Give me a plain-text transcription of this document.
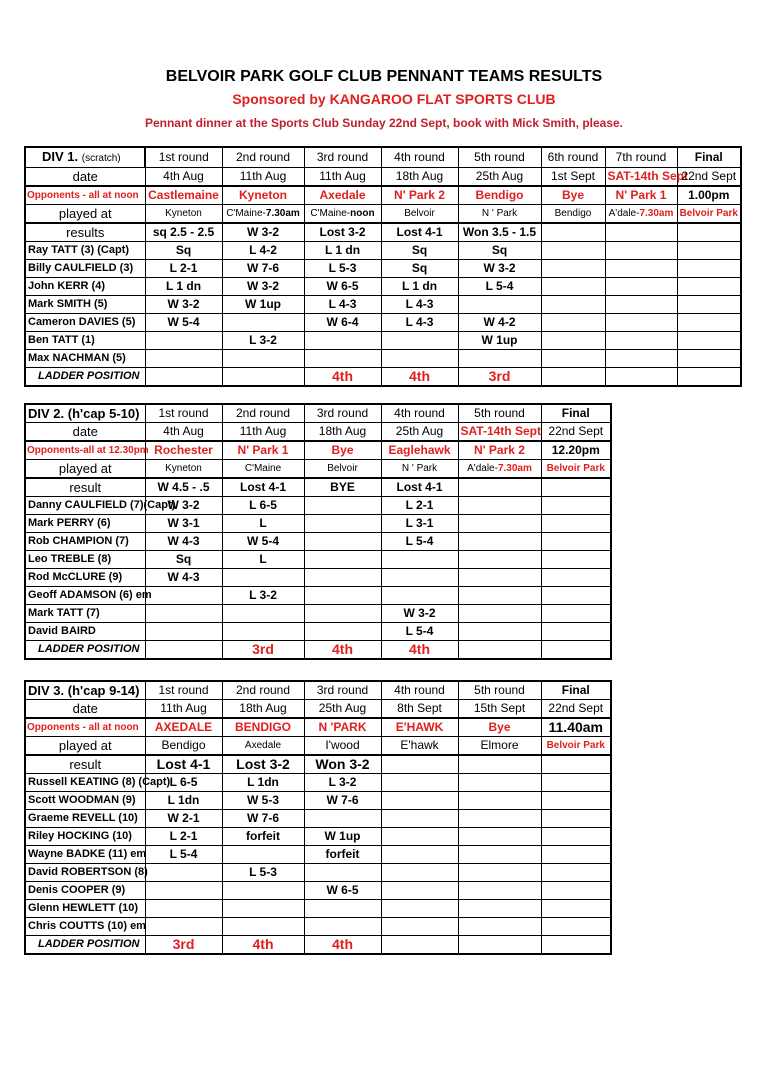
BELVOIR PARK GOLF CLUB PENNANT TEAMS RESULTS
Sponsored by KANGAROO FLAT SPORTS CLUB
Pennant dinner at the Sports Club Sunday 22nd Sept, book with Mick Smith, please.
DIV 1. (scratch)	1st round	2nd round	3rd round	4th round	5th round	6th round	7th round	Final
date	4th Aug	11th Aug	11th Aug	18th Aug	25th Aug	1st Sept	SAT-14th Sept	22nd Sept
Opponents - all at noon	Castlemaine	Kyneton	Axedale	N' Park 2	Bendigo	Bye	N' Park 1	1.00pm
played at	Kyneton	C'Maine-7.30am	C'Maine-noon	Belvoir	N ' Park	Bendigo	A'dale-7.30am	Belvoir Park
results	sq 2.5 - 2.5	W 3-2	Lost 3-2	Lost 4-1	Won 3.5 - 1.5			
Ray TATT (3) (Capt)	Sq	L 4-2	L 1 dn	Sq	Sq			
Billy CAULFIELD (3)	L 2-1	W 7-6	L 5-3	Sq	W 3-2			
John KERR (4)	L 1 dn	W 3-2	W 6-5	L 1 dn	L 5-4			
Mark SMITH (5)	W 3-2	W 1up	L 4-3	L 4-3				
Cameron DAVIES (5)	W 5-4		W 6-4	L 4-3	W 4-2			
Ben TATT (1)		L 3-2			W 1up			
Max NACHMAN (5)								
LADDER POSITION			4th	4th	3rd			
DIV 2. (h'cap 5-10)	1st round	2nd round	3rd round	4th round	5th round	Final
date	4th Aug	11th Aug	18th Aug	25th Aug	SAT-14th Sept	22nd Sept
Opponents-all at 12.30pm	Rochester	N' Park 1	Bye	Eaglehawk	N' Park 2	12.20pm
played at	Kyneton	C'Maine	Belvoir	N ' Park	A'dale-7.30am	Belvoir Park
result	W 4.5 - .5	Lost 4-1	BYE	Lost 4-1		
Danny CAULFIELD (7)(Capt)	W 3-2	L 6-5		L 2-1		
Mark PERRY (6)	W 3-1	L		L 3-1		
Rob CHAMPION (7)	W 4-3	W 5-4		L 5-4		
Leo TREBLE (8)	Sq	L				
Rod McCLURE (9)	W 4-3					
Geoff ADAMSON (6) em		L 3-2				
Mark TATT (7)				W 3-2		
David BAIRD				L 5-4		
LADDER POSITION		3rd	4th	4th		
DIV 3. (h'cap 9-14)	1st round	2nd round	3rd round	4th round	5th round	Final
date	11th Aug	18th Aug	25th Aug	8th Sept	15th Sept	22nd Sept
Opponents - all at noon	AXEDALE	BENDIGO	N 'PARK	E'HAWK	Bye	11.40am
played at	Bendigo	Axedale	I'wood	E'hawk	Elmore	Belvoir Park
result	Lost 4-1	Lost 3-2	Won 3-2			
Russell KEATING (8) (Capt)	L 6-5	L 1dn	L 3-2			
Scott WOODMAN (9)	L 1dn	W 5-3	W 7-6			
Graeme REVELL (10)	W 2-1	W 7-6				
Riley HOCKING (10)	L 2-1	forfeit	W 1up			
Wayne BADKE (11) em	L 5-4		forfeit			
David ROBERTSON (8)		L 5-3				
Denis COOPER (9)			W 6-5			
Glenn HEWLETT (10)						
Chris COUTTS (10) em						
LADDER POSITION	3rd	4th	4th			
